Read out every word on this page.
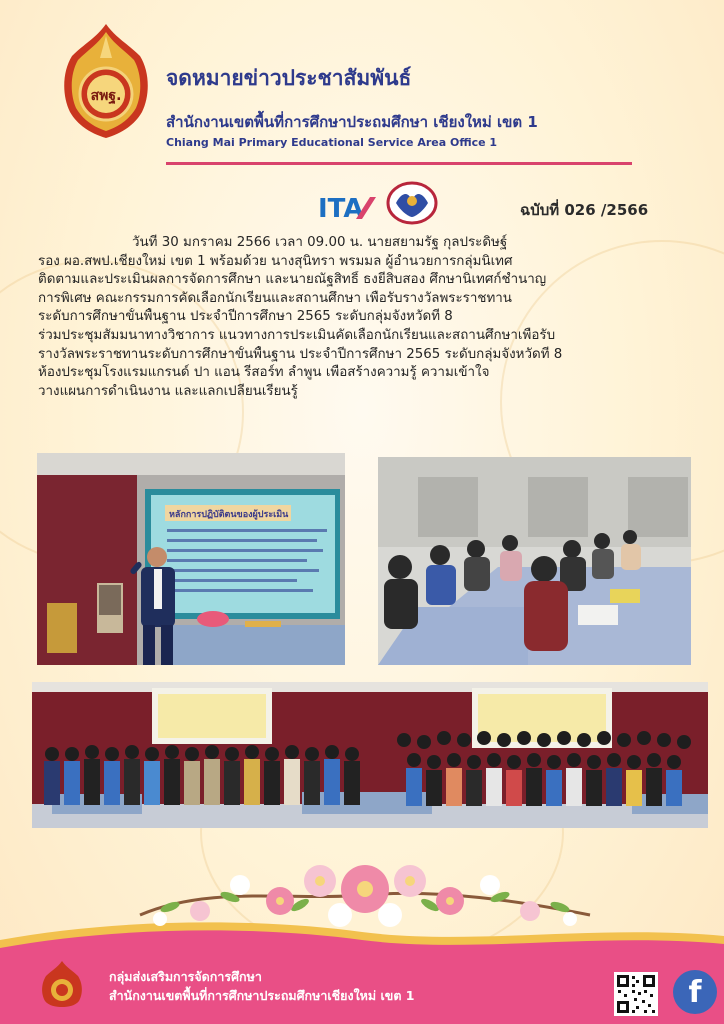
สพฐ.
จดหมายข่าวประชาสัมพันธ์
สำนักงานเขตพื้นที่การศึกษาประถมศึกษา เชียงใหม่ เขต 1
Chiang Mai Primary Educational Service Area Office 1
ITA	ฉบับที่ 026 /2566

วันที่ 30 มกราคม 2566 เวลา 09.00 น. นายสยามรัฐ กุลประดิษฐ์

รอง ผอ.สพป.เชียงใหม่ เขต 1 พร้อมด้วย นางสุนิทรา พรมมล ผู้อำนวยการกลุ่มนิเทศ

ติดตามและประเมินผลการจัดการศึกษา และนายณัฐสิทธิ์ ธงยี่สิบสอง ศึกษานิเทศก์ชำนาญ

การพิเศษ คณะกรรมการคัดเลือกนักเรียนและสถานศึกษา เพื่อรับรางวัลพระราชทาน

ระดับการศึกษาขั้นพื้นฐาน ประจำปีการศึกษา 2565 ระดับกลุ่มจังหวัดที่ 8

ร่วมประชุมสัมมนาทางวิชาการ แนวทางการประเมินคัดเลือกนักเรียนและสถานศึกษาเพื่อรับ

รางวัลพระราชทานระดับการศึกษาขั้นพื้นฐาน ประจำปีการศึกษา 2565 ระดับกลุ่มจังหวัดที่ 8

ห้องประชุมโรงแรมแกรนด์ ปา แอน รีสอร์ท ลำพูน เพื่อสร้างความรู้ ความเข้าใจ

วางแผนการดำเนินงาน และแลกเปลี่ยนเรียนรู้

หลักการปฏิบัติตนของผู้ประเมิน
กลุ่มส่งเสริมการจัดการศึกษา
สำนักงานเขตพื้นที่การศึกษาประถมศึกษาเชียงใหม่ เขต 1	f
